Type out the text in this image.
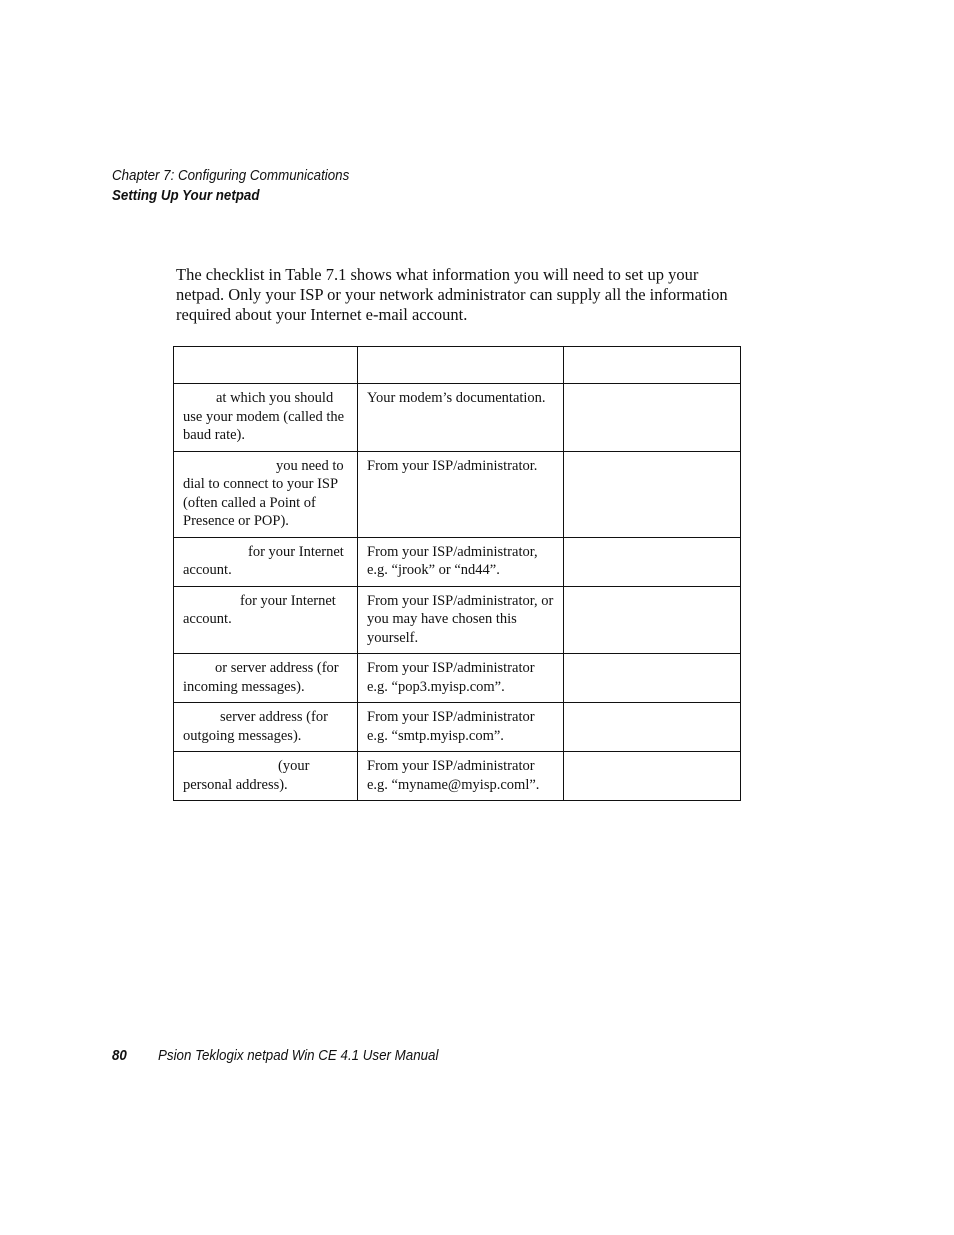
Chapter 7: Configuring Communications
Setting Up Your netpad

The checklist in Table 7.1 shows what information you will need to set up your netpad. Only your ISP or your network administrator can supply all the information required about your Internet e-mail account.

at which you should use your modem (called the baud rate).	Your modem’s documentation.	
you need to dial to connect to your ISP (often called a Point of Presence or POP).	From your ISP/administrator.	
for your Internet account.	From your ISP/administrator, e.g. “jrook” or “nd44”.	
for your Internet account.	From your ISP/administrator, or you may have chosen this yourself.	
or server address (for incoming messages).	From your ISP/administrator e.g. “pop3.myisp.com”.	
server address (for outgoing messages).	From your ISP/administrator e.g. “smtp.myisp.com”.	
(your personal address).	From your ISP/administrator e.g. “myname@myisp.coml”.	
80 Psion Teklogix netpad Win CE 4.1 User Manual
